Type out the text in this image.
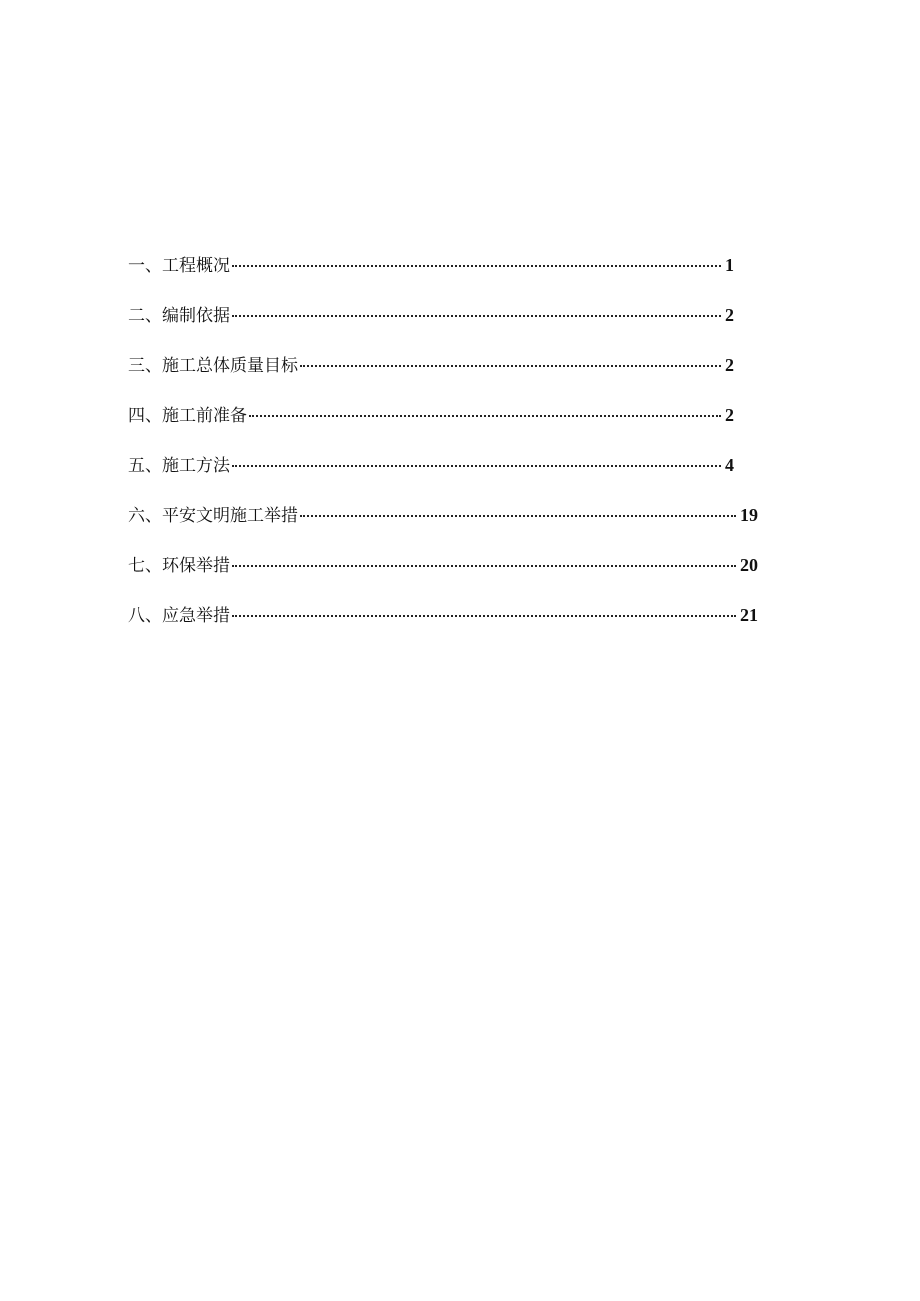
一、工程概况	1
二、编制依据	2
三、施工总体质量目标	2
四、施工前准备	2
五、施工方法	4
六、平安文明施工举措	19
七、环保举措	20
八、应急举措	21
